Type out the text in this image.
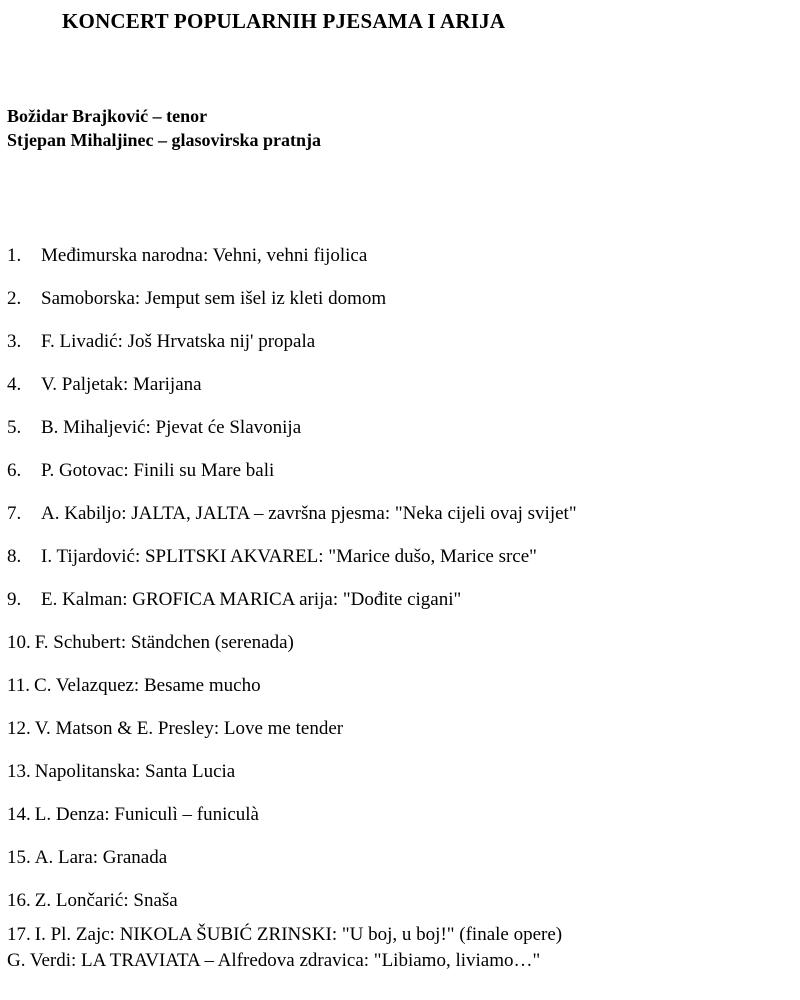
KONCERT POPULARNIH PJESAMA I ARIJA
Božidar Brajković – tenor
Stjepan Mihaljinec – glasovirska pratnja
1. Međimurska narodna: Vehni, vehni fijolica
2. Samoborska: Jemput sem išel iz kleti domom
3. F. Livadić: Još Hrvatska nij' propala
4. V. Paljetak: Marijana
5. B. Mihaljević: Pjevat će Slavonija
6. P. Gotovac: Finili su Mare bali
7. A. Kabiljo: JALTA, JALTA – završna pjesma: "Neka cijeli ovaj svijet"
8. I. Tijardović: SPLITSKI AKVAREL: "Marice dušo, Marice srce"
9. E. Kalman: GROFICA MARICA arija: "Dođite cigani"
10. F. Schubert: Ständchen (serenada)
11. C. Velazquez: Besame mucho
12. V. Matson & E. Presley: Love me tender
13. Napolitanska: Santa Lucia
14. L. Denza: Funiculì – funiculà
15. A. Lara: Granada
16. Z. Lončarić: Snaša
17. I. Pl. Zajc: NIKOLA ŠUBIĆ ZRINSKI: "U boj, u boj!" (finale opere)
G. Verdi: LA TRAVIATA – Alfredova zdravica: "Libiamo, liviamo…"
